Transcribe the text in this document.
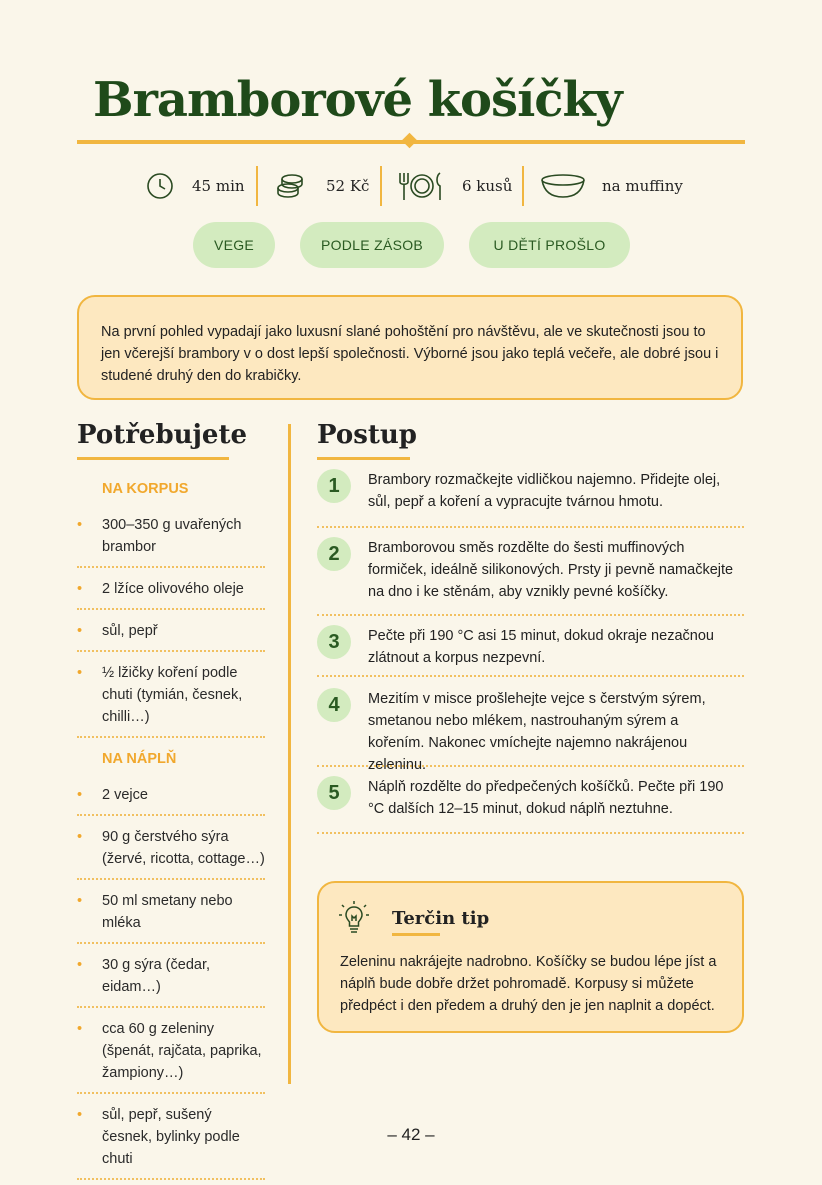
Bramborové košíčky
45 min	52 Kč	6 kusů	na muffiny
VEGE	PODLE ZÁSOB	U DĚTÍ PROŠLO
Na první pohled vypadají jako luxusní slané pohoštění pro návštěvu, ale ve skutečnosti jsou to jen včerejší brambory v o dost lepší společnosti. Výborné jsou jako teplá večeře, ale dobré jsou i studené druhý den do krabičky.
Potřebujete
NA KORPUS
• 300–350 g uvařených brambor
• 2 lžíce olivového oleje
• sůl, pepř
• ½ lžičky koření podle chuti (tymián, česnek, chilli…)
NA NÁPLŇ
• 2 vejce
• 90 g čerstvého sýra (žervé, ricotta, cottage…)
• 50 ml smetany nebo mléka
• 30 g sýra (čedar, eidam…)
• cca 60 g zeleniny (špenát, rajčata, paprika, žampiony…)
• sůl, pepř, sušený česnek, bylinky podle chuti
Postup
1	Brambory rozmačkejte vidličkou najemno. Přidejte olej, sůl, pepř a koření a vypracujte tvárnou hmotu.
2	Bramborovou směs rozdělte do šesti muffinových formiček, ideálně silikonových. Prsty ji pevně namačkejte na dno i ke stěnám, aby vznikly pevné košíčky.
3	Pečte při 190 °C asi 15 minut, dokud okraje nezačnou zlátnout a korpus nezpevní.
4	Mezitím v misce prošlehejte vejce s čerstvým sýrem, smetanou nebo mlékem, nastrouhaným sýrem a kořením. Nakonec vmíchejte najemno nakrájenou zeleninu.
5	Náplň rozdělte do předpečených košíčků. Pečte při 190 °C dalších 12–15 minut, dokud náplň neztuhne.
Terčin tip
Zeleninu nakrájejte nadrobno. Košíčky se budou lépe jíst a náplň bude dobře držet pohromadě. Korpusy si můžete předpéct i den předem a druhý den je jen naplnit a dopéct.
– 42 –
